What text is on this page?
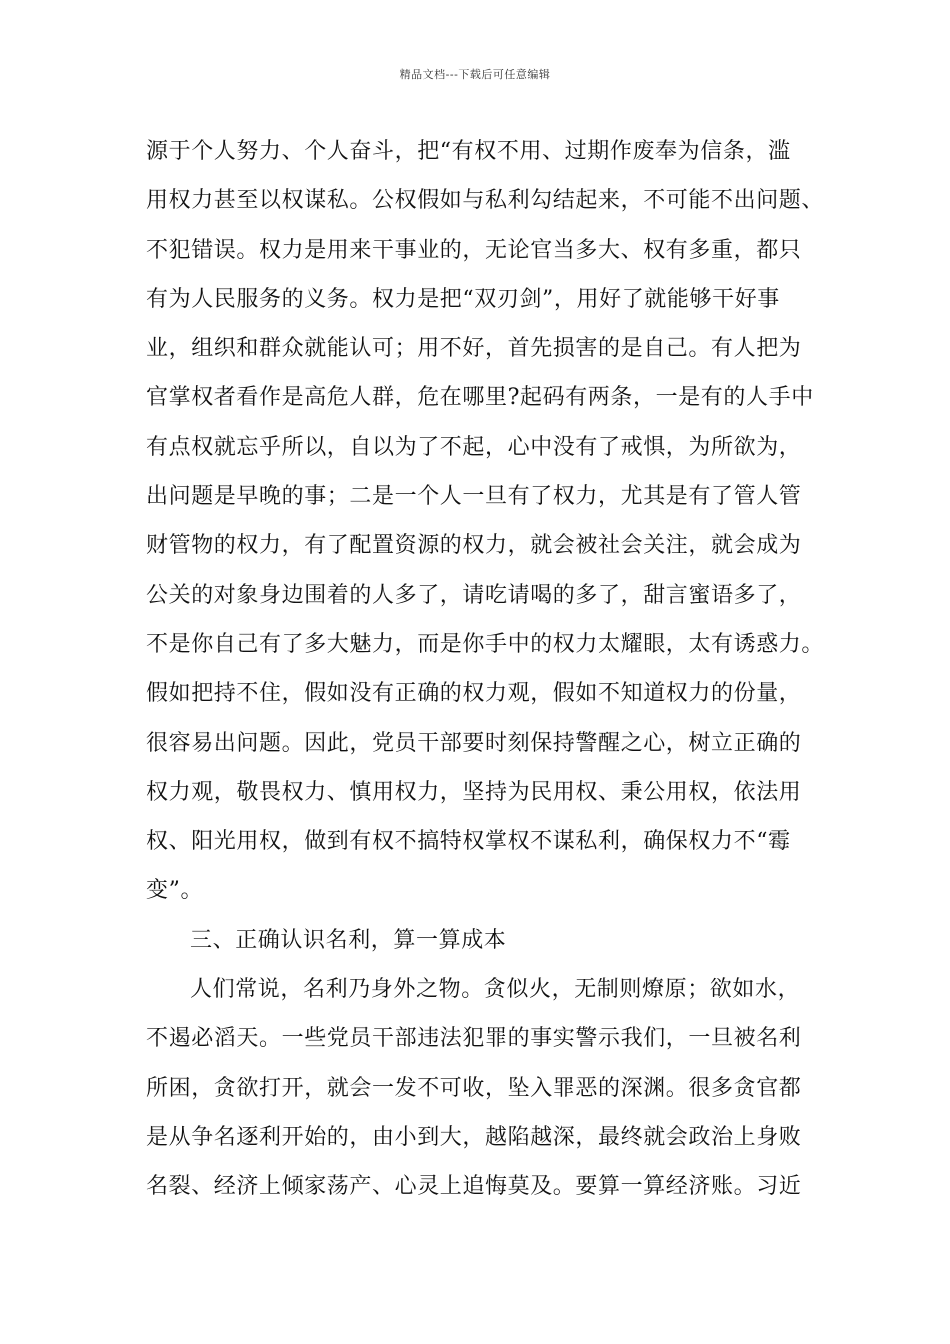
精品文档---下载后可任意编辑
源于个人努力、个人奋斗，把“有权不用、过期作废奉为信条，滥
用权力甚至以权谋私。公权假如与私利勾结起来，不可能不出问题、
不犯错误。权力是用来干事业的，无论官当多大、权有多重，都只
有为人民服务的义务。权力是把“双刃剑”，用好了就能够干好事
业，组织和群众就能认可；用不好，首先损害的是自己。有人把为
官掌权者看作是高危人群，危在哪里?起码有两条，一是有的人手中
有点权就忘乎所以，自以为了不起，心中没有了戒惧，为所欲为，
出问题是早晚的事；二是一个人一旦有了权力，尤其是有了管人管
财管物的权力，有了配置资源的权力，就会被社会关注，就会成为
公关的对象身边围着的人多了，请吃请喝的多了，甜言蜜语多了，
不是你自己有了多大魅力，而是你手中的权力太耀眼，太有诱惑力。
假如把持不住，假如没有正确的权力观，假如不知道权力的份量，
很容易出问题。因此，党员干部要时刻保持警醒之心，树立正确的
权力观，敬畏权力、慎用权力，坚持为民用权、秉公用权，依法用
权、阳光用权，做到有权不搞特权掌权不谋私利，确保权力不“霉
变”。
三、正确认识名利，算一算成本
人们常说，名利乃身外之物。贪似火，无制则燎原；欲如水，
不遏必滔天。一些党员干部违法犯罪的事实警示我们，一旦被名利
所困，贪欲打开，就会一发不可收，坠入罪恶的深渊。很多贪官都
是从争名逐利开始的，由小到大，越陷越深，最终就会政治上身败
名裂、经济上倾家荡产、心灵上追悔莫及。要算一算经济账。习近
